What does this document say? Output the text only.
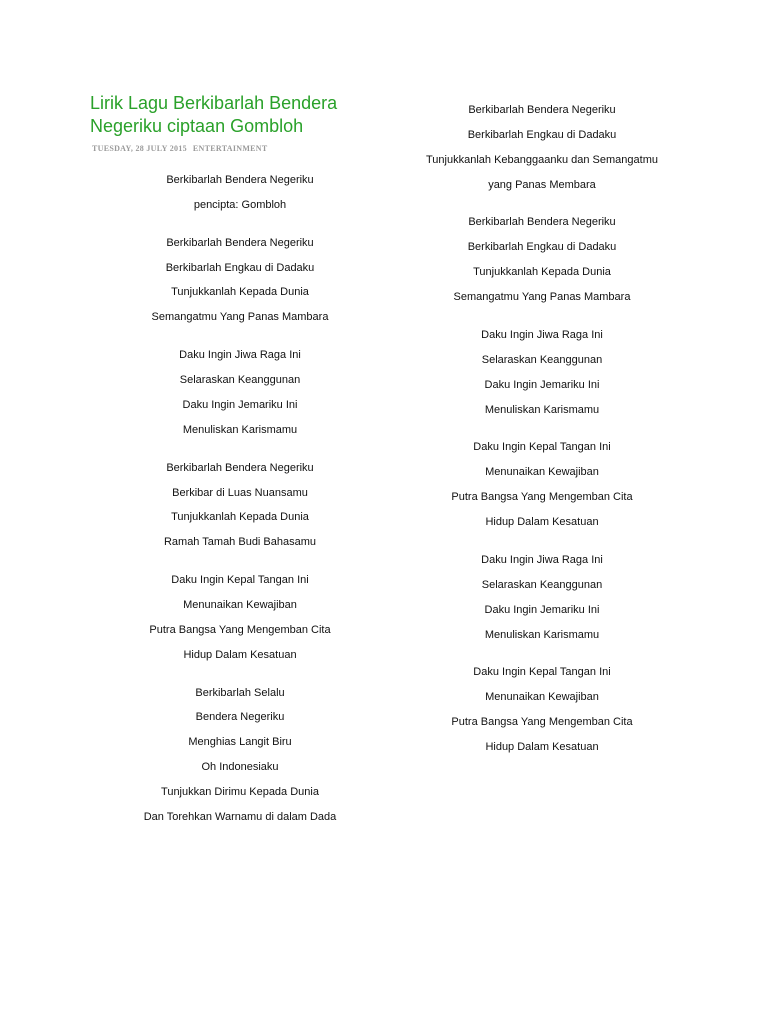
Lirik Lagu Berkibarlah Bendera Negeriku ciptaan Gombloh
TUESDAY, 28 JULY 2015 ENTERTAINMENT
Berkibarlah Bendera Negeriku
pencipta: Gombloh
Berkibarlah Bendera Negeriku
Berkibarlah Engkau di Dadaku
Tunjukkanlah Kepada Dunia
Semangatmu Yang Panas Mambara
Daku Ingin Jiwa Raga Ini
Selaraskan Keanggunan
Daku Ingin Jemariku Ini
Menuliskan Karismamu
Berkibarlah Bendera Negeriku
Berkibar di Luas Nuansamu
Tunjukkanlah Kepada Dunia
Ramah Tamah Budi Bahasamu
Daku Ingin Kepal Tangan Ini
Menunaikan Kewajiban
Putra Bangsa Yang Mengemban Cita
Hidup Dalam Kesatuan
Berkibarlah Selalu
Bendera Negeriku
Menghias Langit Biru
Oh Indonesiaku
Tunjukkan Dirimu Kepada Dunia
Dan Torehkan Warnamu di dalam Dada
Berkibarlah Bendera Negeriku
Berkibarlah Engkau di Dadaku
Tunjukkanlah Kebanggaanku dan Semangatmu
yang Panas Membara
Berkibarlah Bendera Negeriku
Berkibarlah Engkau di Dadaku
Tunjukkanlah Kepada Dunia
Semangatmu Yang Panas Mambara
Daku Ingin Jiwa Raga Ini
Selaraskan Keanggunan
Daku Ingin Jemariku Ini
Menuliskan Karismamu
Daku Ingin Kepal Tangan Ini
Menunaikan Kewajiban
Putra Bangsa Yang Mengemban Cita
Hidup Dalam Kesatuan
Daku Ingin Jiwa Raga Ini
Selaraskan Keanggunan
Daku Ingin Jemariku Ini
Menuliskan Karismamu
Daku Ingin Kepal Tangan Ini
Menunaikan Kewajiban
Putra Bangsa Yang Mengemban Cita
Hidup Dalam Kesatuan
